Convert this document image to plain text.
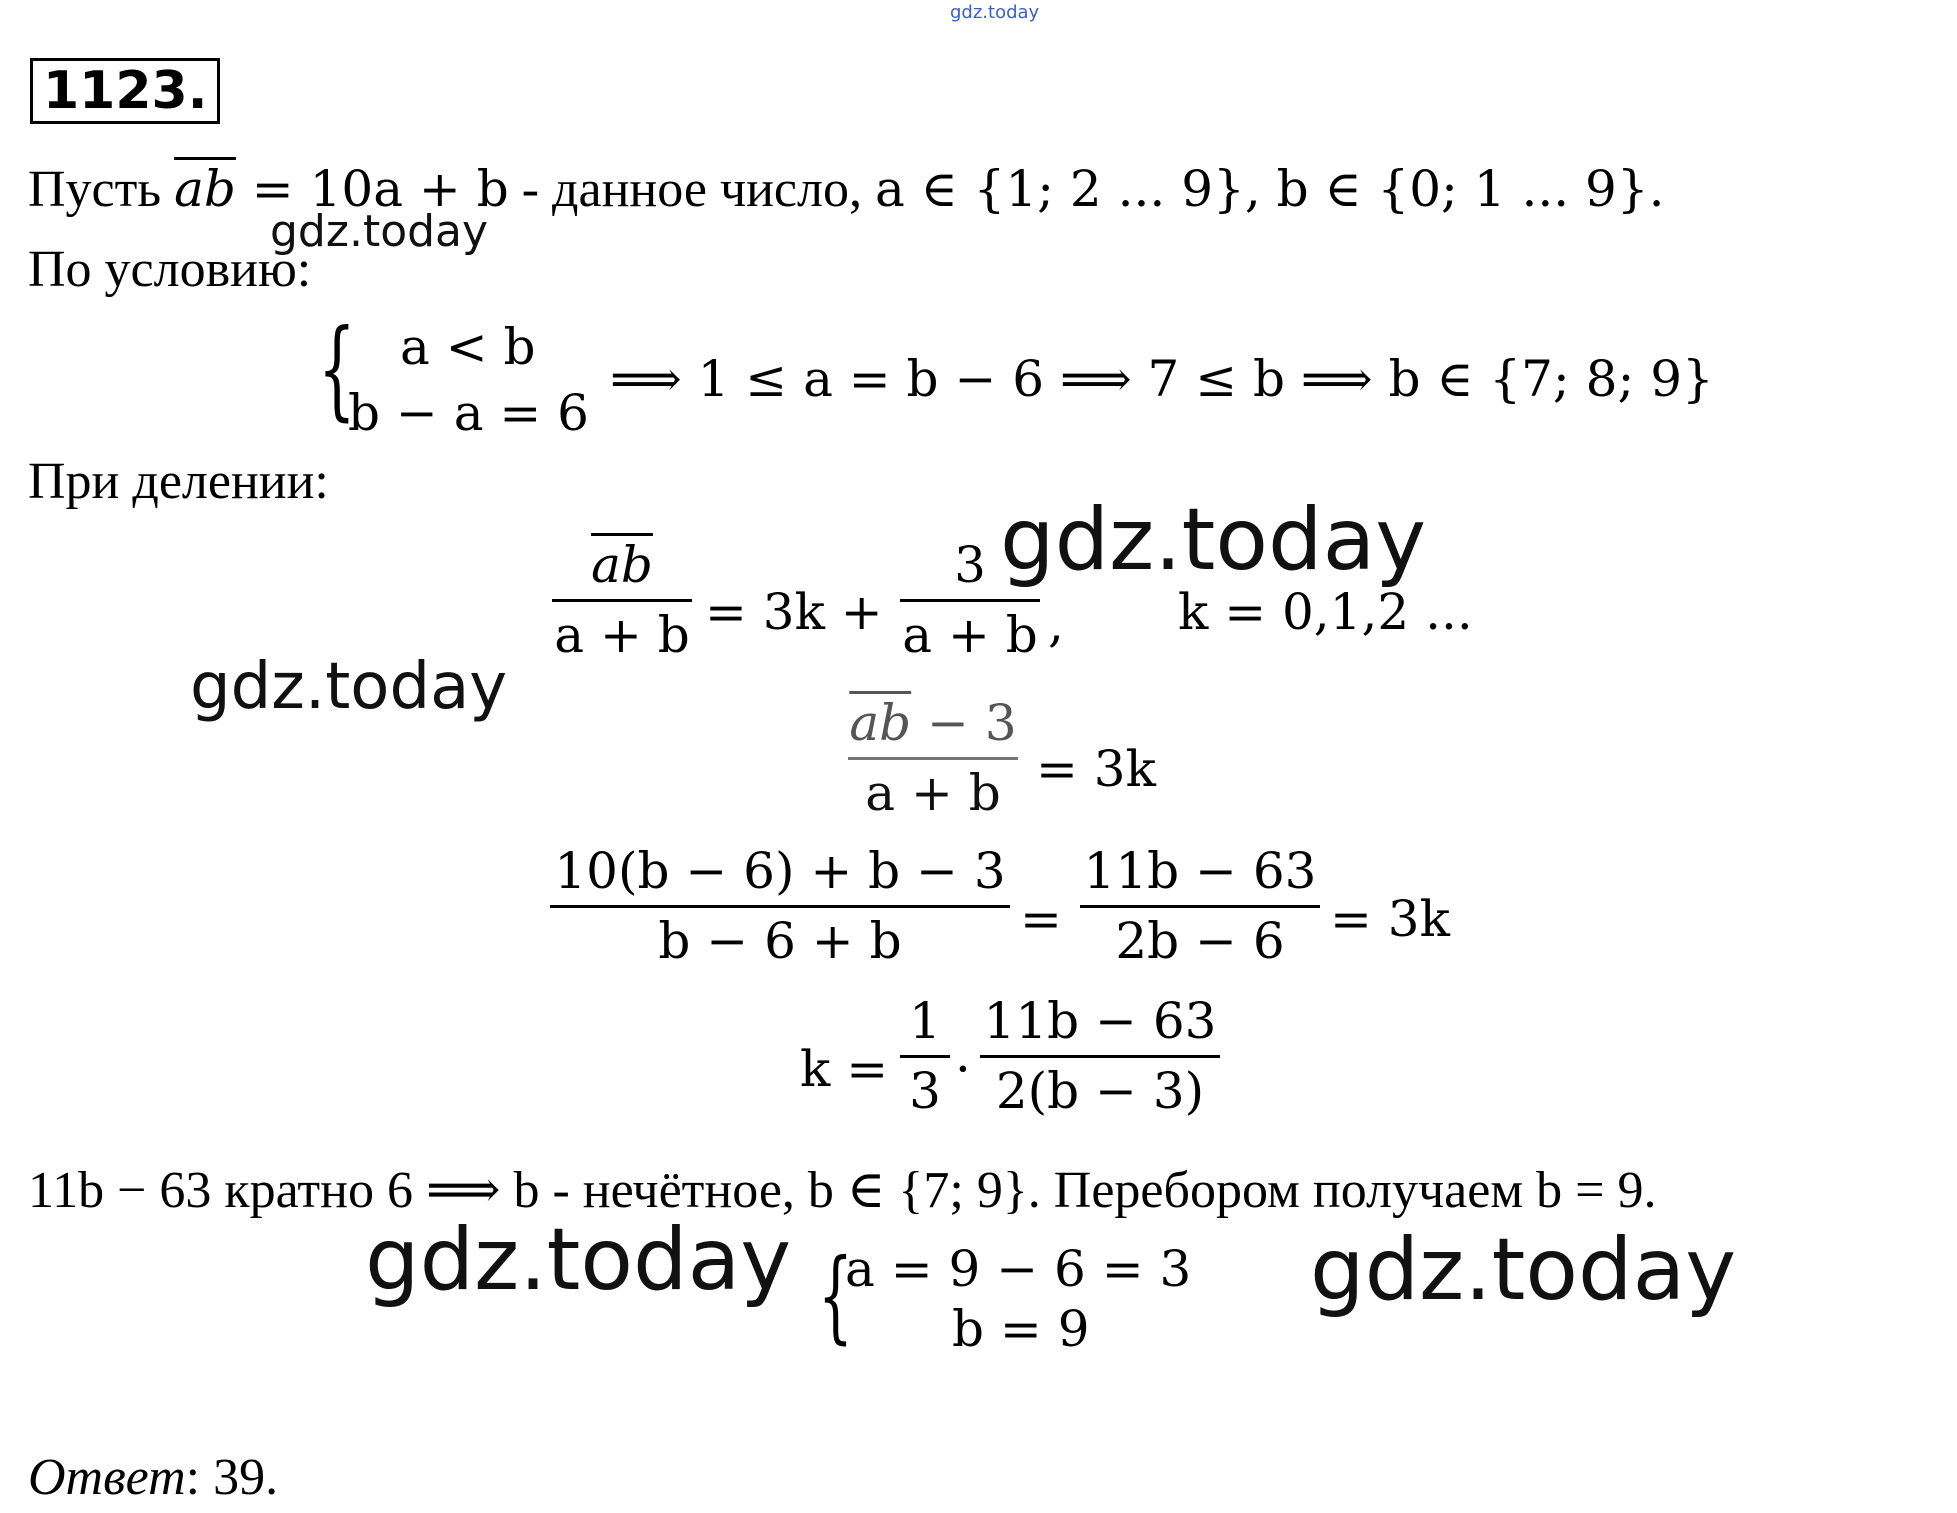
gdz.today
1123.
Пусть $\overline{ab} = 10a + b$ - данное число, a ∈ {1; 2 ... 9}, b ∈ {0; 1 ... 9}.
gdz.today
По условию:
{ a < b
b − a = 6
⟹ 1 ≤ a = b − 6 ⟹ 7 ≤ b ⟹ b ∈ {7; 8; 9}
При делении:
$\overline{ab}$
a + b = 3k +
3
a + b , k = 0,1,2 ...
gdz.today
gdz.today	$\overline{ab} - 3$
a + b = 3k
10(b − 6) + b − 3
b − 6 + b =
11b − 63
2b − 6 = 3k
k =
1
3 ·
11b − 63
2(b − 3)
11b − 63 кратно 6 ⟹ b - нечётное, b ∈ {7; 9}. Перебором получаем b = 9.
gdz.today	gdz.today
{
a = 9 − 6 = 3
b = 9
Ответ: 39.
